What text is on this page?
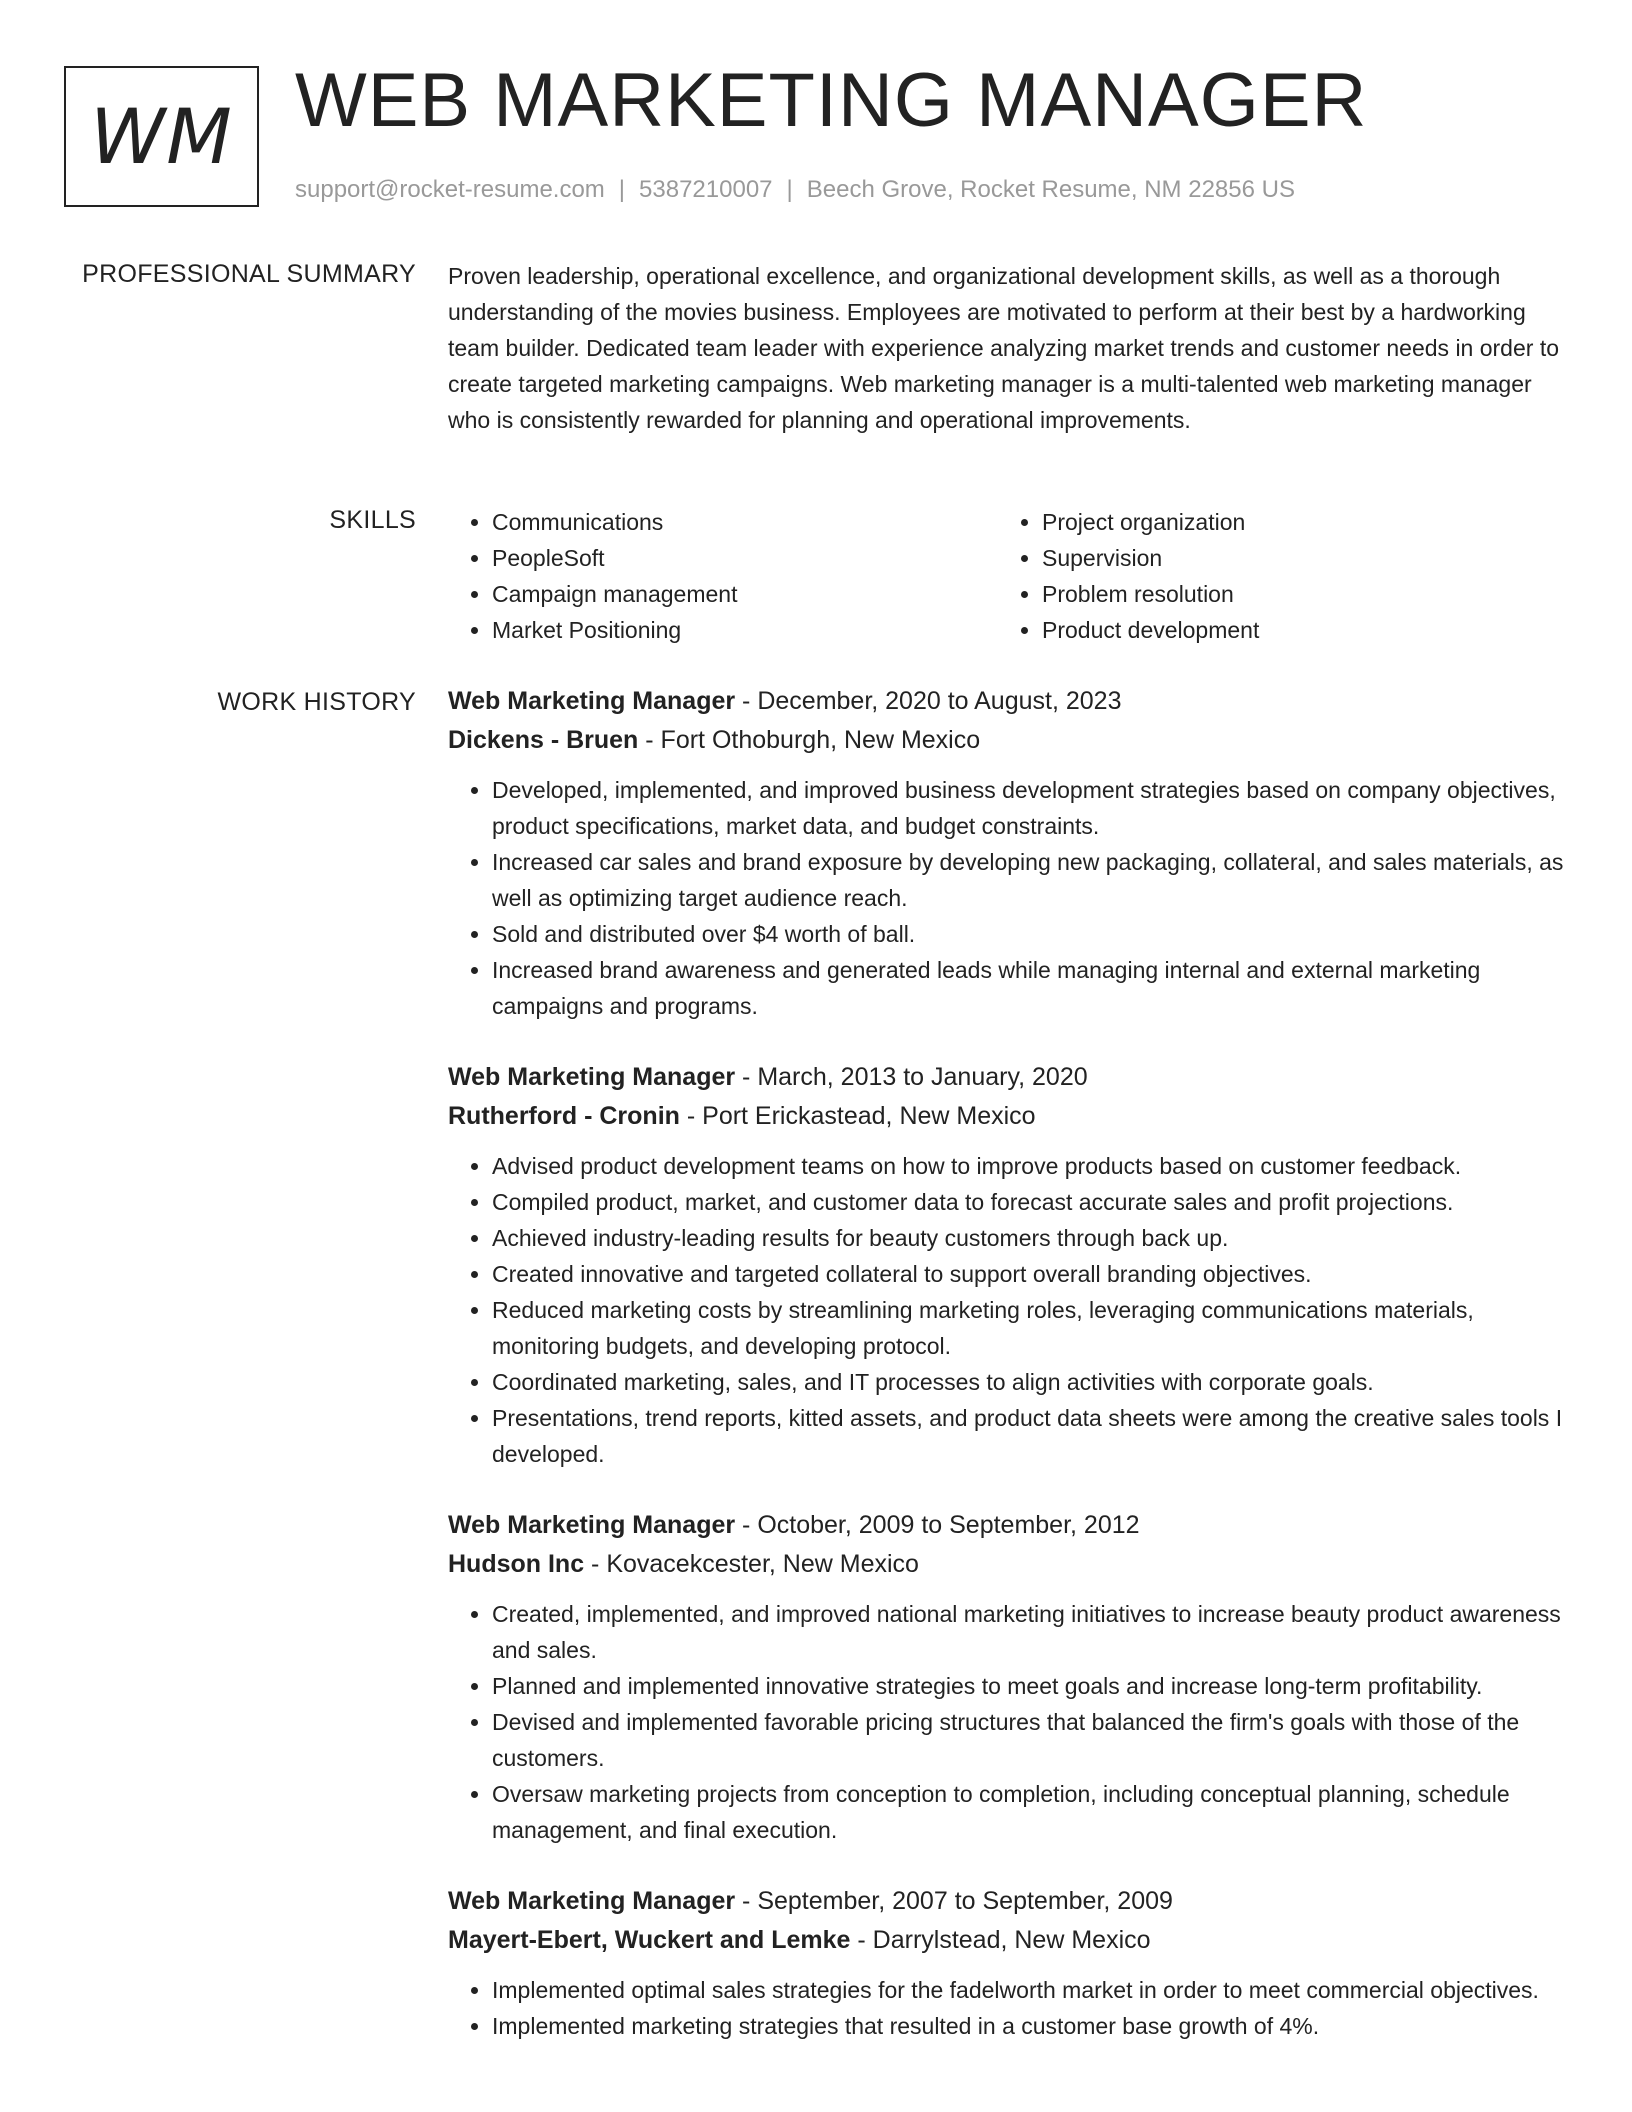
WM WEB MARKETING MANAGER
support@rocket-resume.com | 5387210007 | Beech Grove, Rocket Resume, NM 22856 US
PROFESSIONAL SUMMARY Proven leadership, operational excellence, and organizational development skills, as well as a thorough understanding of the movies business. Employees are motivated to perform at their best by a hardworking team builder. Dedicated team leader with experience analyzing market trends and customer needs in order to create targeted marketing campaigns. Web marketing manager is a multi-talented web marketing manager who is consistently rewarded for planning and operational improvements.

SKILLS
•	Communications
• PeopleSoft
• Campaign management
• Market Positioning
• Project organization
• Supervision
• Problem resolution
• Product development
WORK HISTORY Web Marketing Manager - December, 2020 to August, 2023
Dickens - Bruen - Fort Othoburgh, New Mexico
• Developed, implemented, and improved business development strategies based on company objectives, product specifications, market data, and budget constraints.
• Increased car sales and brand exposure by developing new packaging, collateral, and sales materials, as well as optimizing target audience reach.
• Sold and distributed over $4 worth of ball.
• Increased brand awareness and generated leads while managing internal and external marketing campaigns and programs.
Web Marketing Manager - March, 2013 to January, 2020
Rutherford - Cronin - Port Erickastead, New Mexico
• Advised product development teams on how to improve products based on customer feedback.
• Compiled product, market, and customer data to forecast accurate sales and profit projections.
• Achieved industry-leading results for beauty customers through back up.
• Created innovative and targeted collateral to support overall branding objectives.
• Reduced marketing costs by streamlining marketing roles, leveraging communications materials, monitoring budgets, and developing protocol.
• Coordinated marketing, sales, and IT processes to align activities with corporate goals.
• Presentations, trend reports, kitted assets, and product data sheets were among the creative sales tools I developed.
Web Marketing Manager - October, 2009 to September, 2012
Hudson Inc - Kovacekcester, New Mexico
• Created, implemented, and improved national marketing initiatives to increase beauty product awareness and sales.
• Planned and implemented innovative strategies to meet goals and increase long-term profitability.
• Devised and implemented favorable pricing structures that balanced the firm's goals with those of the customers.
• Oversaw marketing projects from conception to completion, including conceptual planning, schedule management, and final execution.
Web Marketing Manager - September, 2007 to September, 2009
Mayert-Ebert, Wuckert and Lemke - Darrylstead, New Mexico
• Implemented optimal sales strategies for the fadelworth market in order to meet commercial objectives.
• Implemented marketing strategies that resulted in a customer base growth of 4%.
